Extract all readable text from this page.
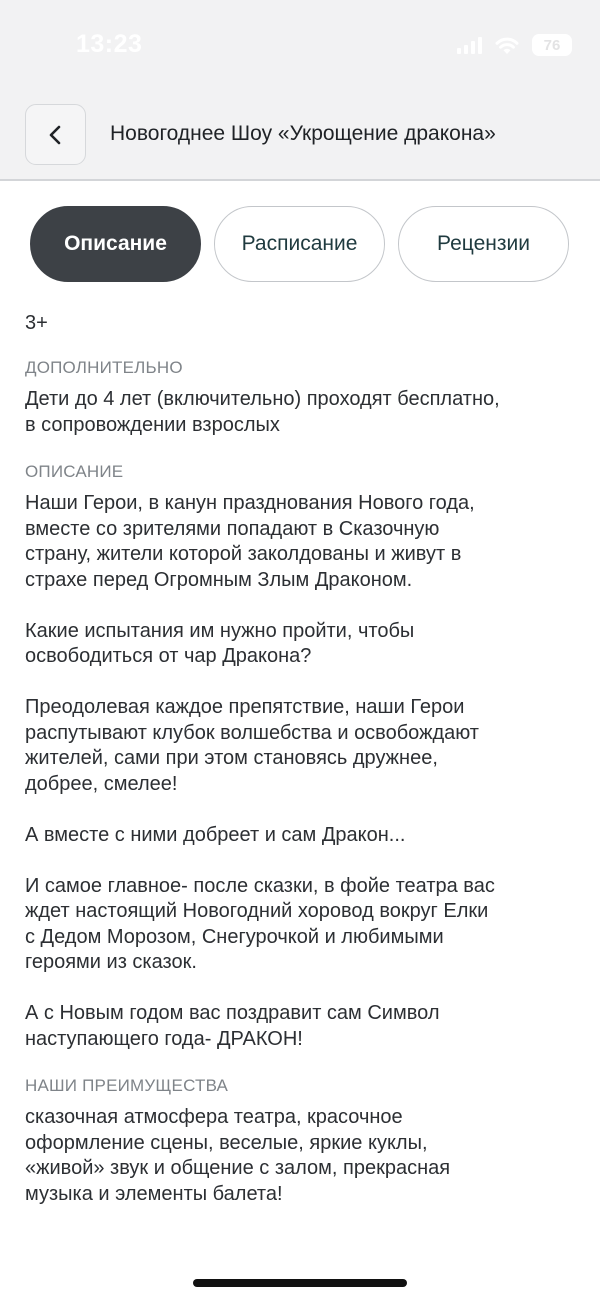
13:23	76
Новогоднее Шоу «Укрощение дракона»
Описание	Расписание	Рецензии
3+
ДОПОЛНИТЕЛЬНО
Дети до 4 лет (включительно) проходят бесплатно,
в сопровождении взрослых
ОПИСАНИЕ
Наши Герои, в канун празднования Нового года,
вместе со зрителями попадают в Сказочную
страну, жители которой заколдованы и живут в
страхе перед Огромным Злым Драконом.

Какие испытания им нужно пройти, чтобы
освободиться от чар Дракона?

Преодолевая каждое препятствие, наши Герои
распутывают клубок волшебства и освобождают
жителей, сами при этом становясь дружнее,
добрее, смелее!

А вместе с ними добреет и сам Дракон...

И самое главное- после сказки, в фойе театра вас
ждет настоящий Новогодний хоровод вокруг Елки
с Дедом Морозом, Снегурочкой и любимыми
героями из сказок.

А с Новым годом вас поздравит сам Символ
наступающего года- ДРАКОН!
НАШИ ПРЕИМУЩЕСТВА
сказочная атмосфера театра, красочное
оформление сцены, веселые, яркие куклы,
«живой» звук и общение с залом, прекрасная
музыка и элементы балета!
